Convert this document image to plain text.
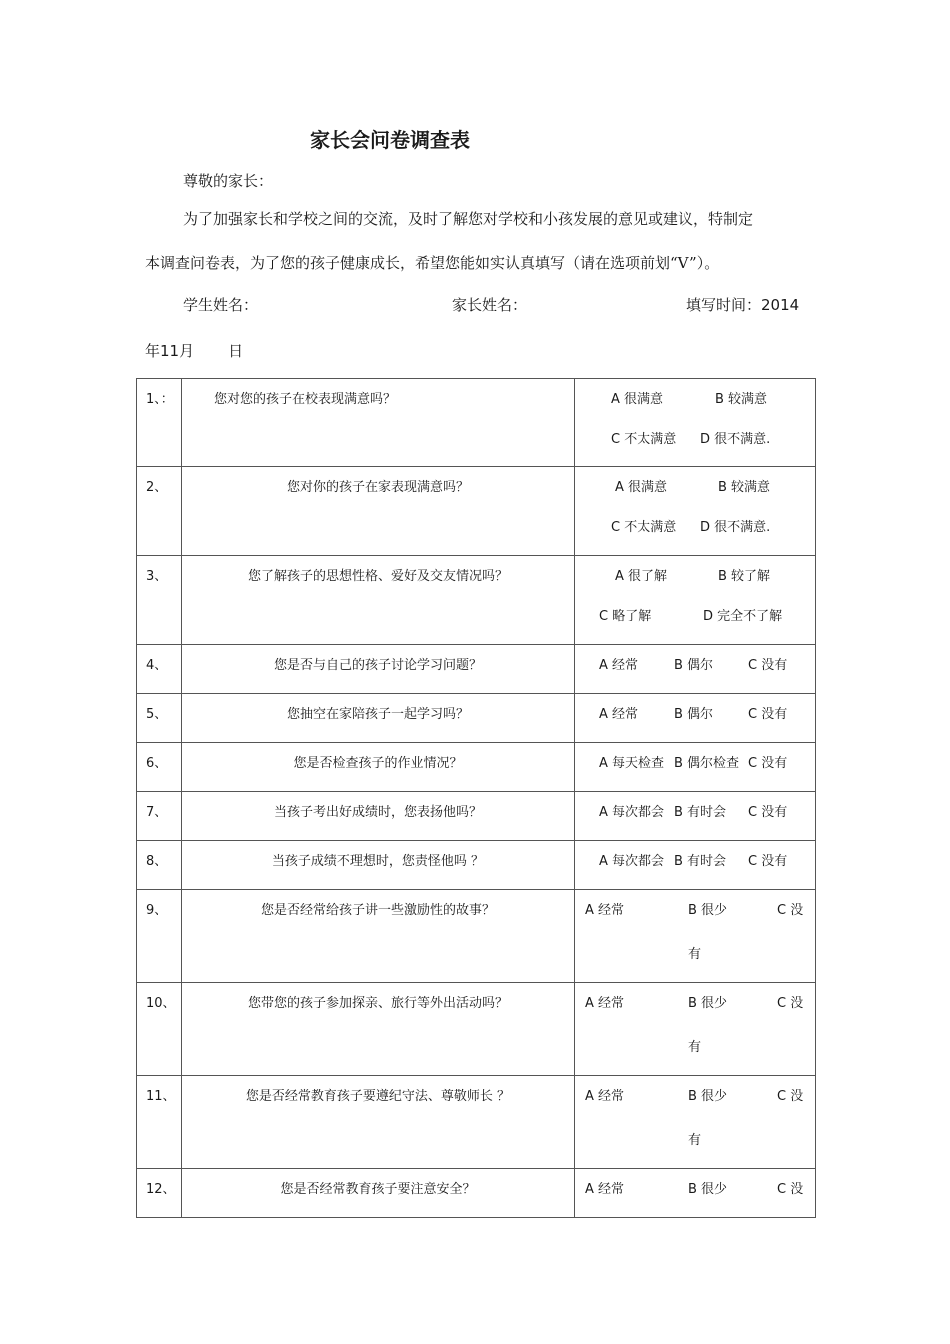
家长会问卷调查表
尊敬的家长：
为了加强家长和学校之间的交流，及时了解您对学校和小孩发展的意见或建议，特制定
本调查问卷表，为了您的孩子健康成长，希望您能如实认真填写（请在选项前划“V”）。
学生姓名：	家长姓名：	填写时间：2014
年11月 日
1、：	您对您的孩子在校表现满意吗？	A 很满意 B 较满意
C 不太满意 D 很不满意.

2、	您对你的孩子在家表现满意吗？	A 很满意 B 较满意
C 不太满意 D 很不满意.

3、	您了解孩子的思想性格、爱好及交友情况吗？	A 很了解 B 较了解
C 略了解 D 完全不了解

4、	您是否与自己的孩子讨论学习问题？	A 经常 B 偶尔 C 没有

5、	您抽空在家陪孩子一起学习吗？	A 经常 B 偶尔 C 没有

6、	您是否检查孩子的作业情况？	A 每天检查 B 偶尔检查 C 没有

7、	当孩子考出好成绩时，您表扬他吗？	A 每次都会 B 有时会 C 没有

8、	当孩子成绩不理想时，您责怪他吗 ？	A 每次都会 B 有时会 C 没有

9、	您是否经常给孩子讲一些激励性的故事？	A 经常 B 很少 C 没
有

10、	您带您的孩子参加探亲、旅行等外出活动吗？	A 经常 B 很少 C 没
有

11、	您是否经常教育孩子要遵纪守法、尊敬师长 ？	A 经常 B 很少 C 没
有

12、	您是否经常教育孩子要注意安全？	A 经常 B 很少 C 没
